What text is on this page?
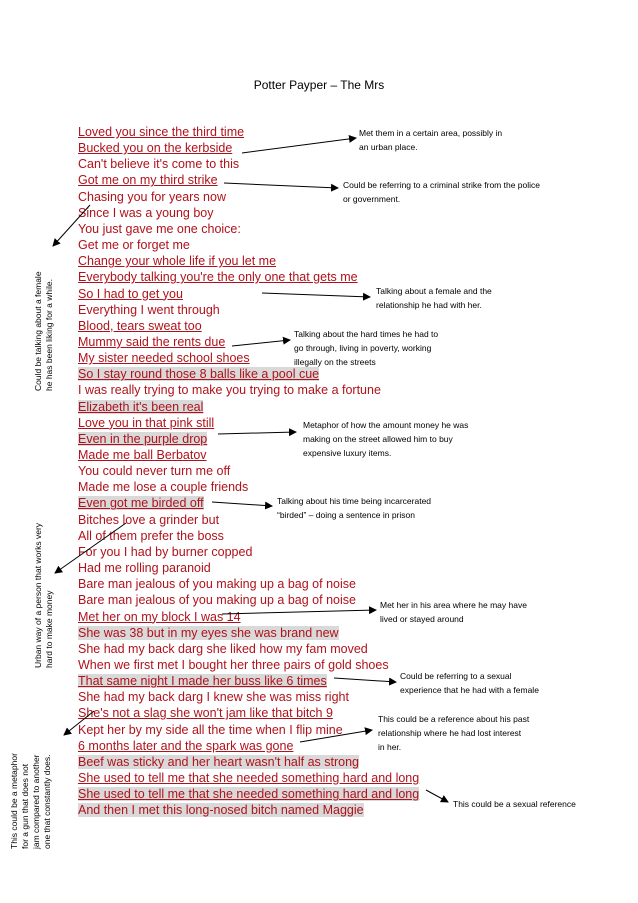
Potter Payper – The Mrs
Loved you since the third time
Bucked you on the kerbside
Can't believe it's come to this
Got me on my third strike
Chasing you for years now
Since I was a young boy
You just gave me one choice:
Get me or forget me
Change your whole life if you let me
Everybody talking you're the only one that gets me
So I had to get you
Everything I went through
Blood, tears sweat too
Mummy said the rents due
My sister needed school shoes
So I stay round those 8 balls like a pool cue
I was really trying to make you trying to make a fortune
Elizabeth it's been real
Love you in that pink still
Even in the purple drop
Made me ball Berbatov
You could never turn me off
Made me lose a couple friends
Even got me birded off
Bitches love a grinder but
All of them prefer the boss
For you I had by burner copped
Had me rolling paranoid
Bare man jealous of you making up a bag of noise
Bare man jealous of you making up a bag of noise
Met her on my block I was 14
She was 38 but in my eyes she was brand new
She had my back darg she liked how my fam moved
When we first met I bought her three pairs of gold shoes
That same night I made her buss like 6 times
She had my back darg I knew she was miss right
She's not a slag she won't jam like that bitch 9
Kept her by my side all the time when I flip mine
6 months later and the spark was gone
Beef was sticky and her heart wasn't half as strong
She used to tell me that she needed something hard and long
She used to tell me that she needed something hard and long
And then I met this long-nosed bitch named Maggie
Met them in a certain area, possibly in
an urban place.
Could be referring to a criminal strike from the police
or government.
Talking about a female and the
relationship he had with her.
Talking about the hard times he had to
go through, living in poverty, working
illegally on the streets
Metaphor of how the amount money he was
making on the street allowed him to buy
expensive luxury items.
Talking about his time being incarcerated
“birded” – doing a sentence in prison
Met her in his area where he may have
lived or stayed around
Could be referring to a sexual
experience that he had with a female
This could be a reference about his past
relationship where he had lost interest
in her.
This could be a sexual reference
Could be talking about a female he has been liking for a while.
Urban way of a person that works very hard to make money
This could be a metaphor for a gun that does not jam compared to another one that constantly does.
